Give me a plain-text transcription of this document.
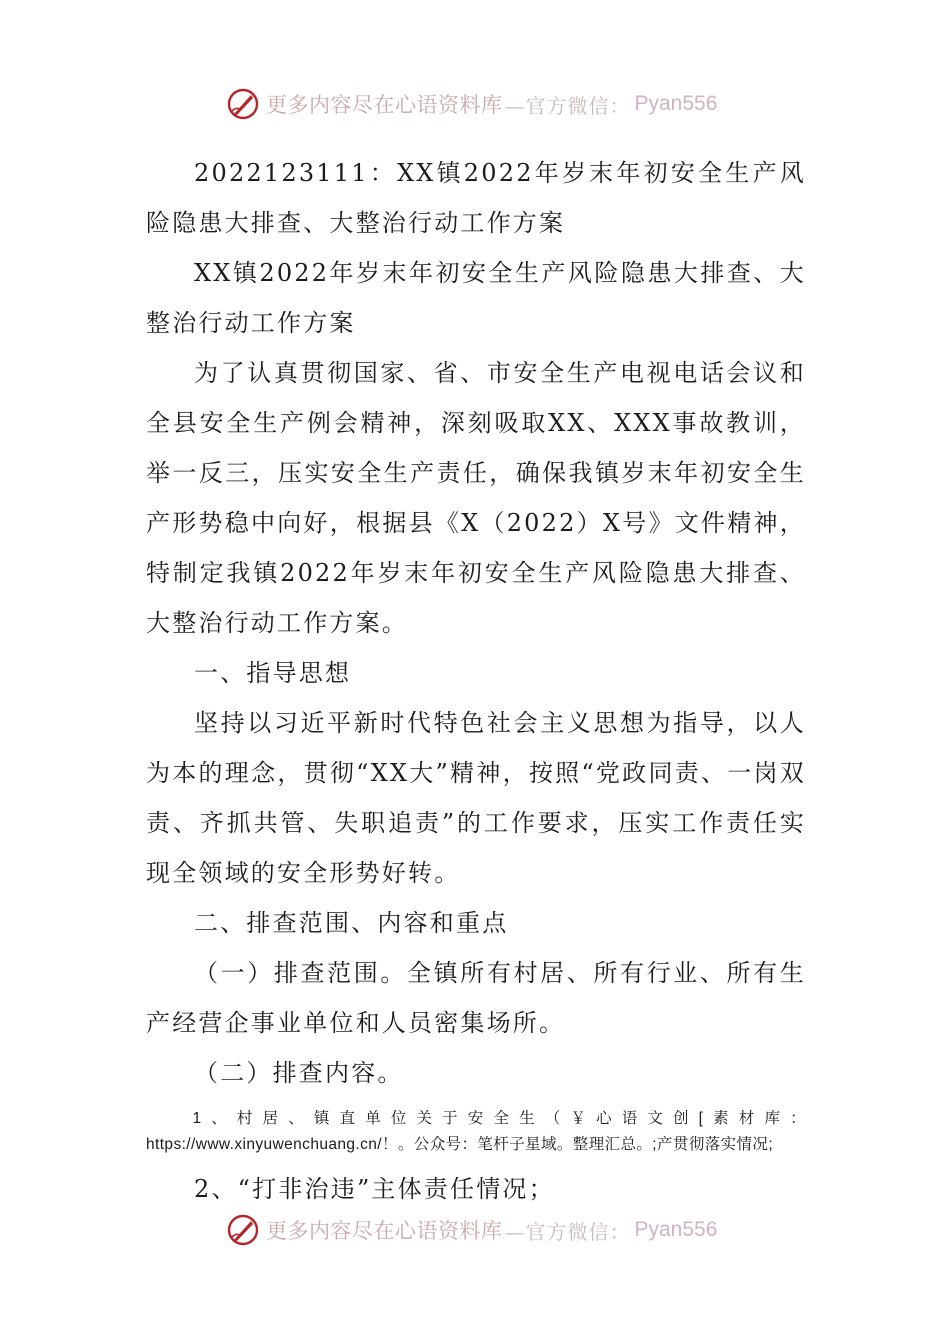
更多内容尽在心语资料库 —官方微信： Pyan556

2022123111：XX镇2022年岁末年初安全生产风险隐患大排查、大整治行动工作方案

XX镇2022年岁末年初安全生产风险隐患大排查、大整治行动工作方案

为了认真贯彻国家、省、市安全生产电视电话会议和全县安全生产例会精神，深刻吸取XX、XXX事故教训，举一反三，压实安全生产责任，确保我镇岁末年初安全生产形势稳中向好，根据县《X（2022）X号》文件精神，特制定我镇2022年岁末年初安全生产风险隐患大排查、大整治行动工作方案。

一、指导思想

坚持以习近平新时代特色社会主义思想为指导，以人为本的理念，贯彻“XX大”精神，按照“党政同责、一岗双责、齐抓共管、失职追责”的工作要求，压实工作责任实现全领域的安全形势好转。

二、排查范围、内容和重点

（一）排查范围。全镇所有村居、所有行业、所有生产经营企事业单位和人员密集场所。

（二）排查内容。

1、村居、镇直单位关于安全生（￥心语文创[素材库：https://www.xinyuwenchuang.cn/！。公众号：笔杆子星域。整理汇总。;产贯彻落实情况;

2、“打非治违”主体责任情况；

更多内容尽在心语资料库 —官方微信： Pyan556
